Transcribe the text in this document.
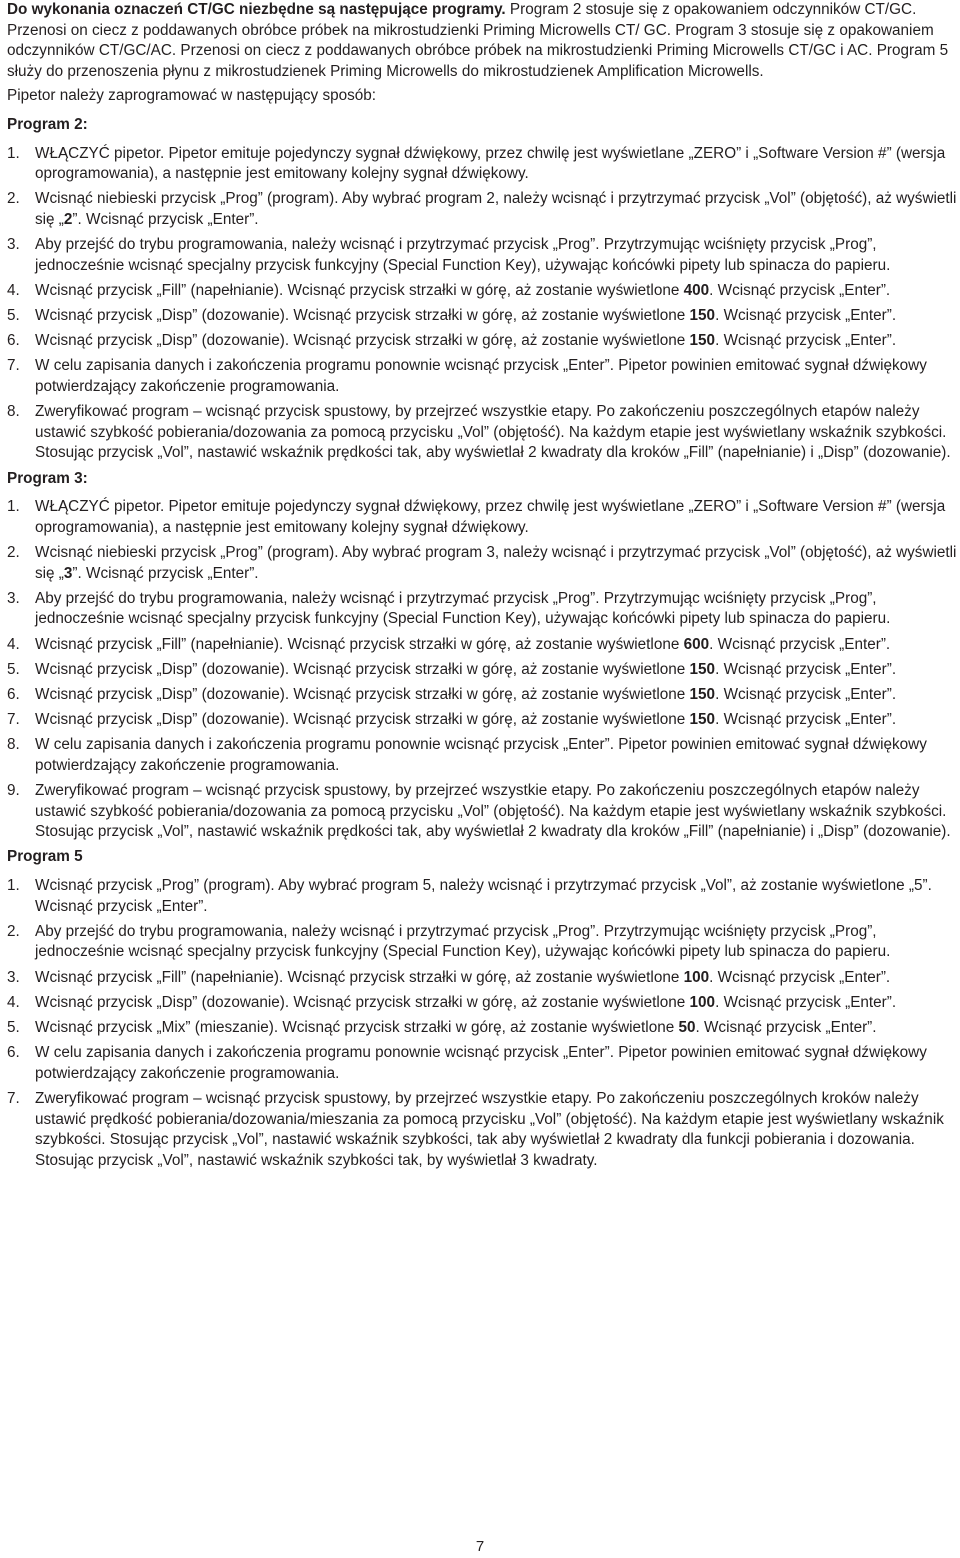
Do wykonania oznaczeń CT/GC niezbędne są następujące programy. Program 2 stosuje się z opakowaniem odczynników CT/GC. Przenosi on ciecz z poddawanych obróbce próbek na mikrostudzienki Priming Microwells CT/ GC. Program 3 stosuje się z opakowaniem odczynników CT/GC/AC. Przenosi on ciecz z poddawanych obróbce próbek na mikrostudzienki Priming Microwells CT/GC i AC. Program 5 służy do przenoszenia płynu z mikrostudzienek Priming Microwells do mikrostudzienek Amplification Microwells.

Pipetor należy zaprogramować w następujący sposób:

Program 2:
1. WŁĄCZYĆ pipetor. Pipetor emituje pojedynczy sygnał dźwiękowy, przez chwilę jest wyświetlane „ZERO” i „Software Version #” (wersja oprogramowania), a następnie jest emitowany kolejny sygnał dźwiękowy.
2. Wcisnąć niebieski przycisk „Prog” (program). Aby wybrać program 2, należy wcisnąć i przytrzymać przycisk „Vol” (objętość), aż wyświetli się „2”. Wcisnąć przycisk „Enter”.
3. Aby przejść do trybu programowania, należy wcisnąć i przytrzymać przycisk „Prog”. Przytrzymując wciśnięty przycisk „Prog”, jednocześnie wcisnąć specjalny przycisk funkcyjny (Special Function Key), używając końcówki pipety lub spinacza do papieru.
4. Wcisnąć przycisk „Fill” (napełnianie). Wcisnąć przycisk strzałki w górę, aż zostanie wyświetlone 400. Wcisnąć przycisk „Enter”.
5. Wcisnąć przycisk „Disp” (dozowanie). Wcisnąć przycisk strzałki w górę, aż zostanie wyświetlone 150. Wcisnąć przycisk „Enter”.
6. Wcisnąć przycisk „Disp” (dozowanie). Wcisnąć przycisk strzałki w górę, aż zostanie wyświetlone 150. Wcisnąć przycisk „Enter”.
7. W celu zapisania danych i zakończenia programu ponownie wcisnąć przycisk „Enter”. Pipetor powinien emitować sygnał dźwiękowy potwierdzający zakończenie programowania.
8. Zweryfikować program – wcisnąć przycisk spustowy, by przejrzeć wszystkie etapy. Po zakończeniu poszczególnych etapów należy ustawić szybkość pobierania/dozowania za pomocą przycisku „Vol” (objętość). Na każdym etapie jest wyświetlany wskaźnik szybkości. Stosując przycisk „Vol”, nastawić wskaźnik prędkości tak, aby wyświetlał 2 kwadraty dla kroków „Fill” (napełnianie) i „Disp” (dozowanie).
Program 3:
1. WŁĄCZYĆ pipetor. Pipetor emituje pojedynczy sygnał dźwiękowy, przez chwilę jest wyświetlane „ZERO” i „Software Version #” (wersja oprogramowania), a następnie jest emitowany kolejny sygnał dźwiękowy.
2. Wcisnąć niebieski przycisk „Prog” (program). Aby wybrać program 3, należy wcisnąć i przytrzymać przycisk „Vol” (objętość), aż wyświetli się „3”. Wcisnąć przycisk „Enter”.
3. Aby przejść do trybu programowania, należy wcisnąć i przytrzymać przycisk „Prog”. Przytrzymując wciśnięty przycisk „Prog”, jednocześnie wcisnąć specjalny przycisk funkcyjny (Special Function Key), używając końcówki pipety lub spinacza do papieru.
4. Wcisnąć przycisk „Fill” (napełnianie). Wcisnąć przycisk strzałki w górę, aż zostanie wyświetlone 600. Wcisnąć przycisk „Enter”.
5. Wcisnąć przycisk „Disp” (dozowanie). Wcisnąć przycisk strzałki w górę, aż zostanie wyświetlone 150. Wcisnąć przycisk „Enter”.
6. Wcisnąć przycisk „Disp” (dozowanie). Wcisnąć przycisk strzałki w górę, aż zostanie wyświetlone 150. Wcisnąć przycisk „Enter”.
7. Wcisnąć przycisk „Disp” (dozowanie). Wcisnąć przycisk strzałki w górę, aż zostanie wyświetlone 150. Wcisnąć przycisk „Enter”.
8. W celu zapisania danych i zakończenia programu ponownie wcisnąć przycisk „Enter”. Pipetor powinien emitować sygnał dźwiękowy potwierdzający zakończenie programowania.
9. Zweryfikować program – wcisnąć przycisk spustowy, by przejrzeć wszystkie etapy. Po zakończeniu poszczególnych etapów należy ustawić szybkość pobierania/dozowania za pomocą przycisku „Vol” (objętość). Na każdym etapie jest wyświetlany wskaźnik szybkości. Stosując przycisk „Vol”, nastawić wskaźnik prędkości tak, aby wyświetlał 2 kwadraty dla kroków „Fill” (napełnianie) i „Disp” (dozowanie).
Program 5
1. Wcisnąć przycisk „Prog” (program). Aby wybrać program 5, należy wcisnąć i przytrzymać przycisk „Vol”, aż zostanie wyświetlone „5”. Wcisnąć przycisk „Enter”.
2. Aby przejść do trybu programowania, należy wcisnąć i przytrzymać przycisk „Prog”. Przytrzymując wciśnięty przycisk „Prog”, jednocześnie wcisnąć specjalny przycisk funkcyjny (Special Function Key), używając końcówki pipety lub spinacza do papieru.
3. Wcisnąć przycisk „Fill” (napełnianie). Wcisnąć przycisk strzałki w górę, aż zostanie wyświetlone 100. Wcisnąć przycisk „Enter”.
4. Wcisnąć przycisk „Disp” (dozowanie). Wcisnąć przycisk strzałki w górę, aż zostanie wyświetlone 100. Wcisnąć przycisk „Enter”.
5. Wcisnąć przycisk „Mix” (mieszanie). Wcisnąć przycisk strzałki w górę, aż zostanie wyświetlone 50. Wcisnąć przycisk „Enter”.
6. W celu zapisania danych i zakończenia programu ponownie wcisnąć przycisk „Enter”. Pipetor powinien emitować sygnał dźwiękowy potwierdzający zakończenie programowania.
7. Zweryfikować program – wcisnąć przycisk spustowy, by przejrzeć wszystkie etapy. Po zakończeniu poszczególnych kroków należy ustawić prędkość pobierania/dozowania/mieszania za pomocą przycisku „Vol” (objętość). Na każdym etapie jest wyświetlany wskaźnik szybkości. Stosując przycisk „Vol”, nastawić wskaźnik szybkości, tak aby wyświetlał 2 kwadraty dla funkcji pobierania i dozowania. Stosując przycisk „Vol”, nastawić wskaźnik szybkości tak, by wyświetlał 3 kwadraty.
7
